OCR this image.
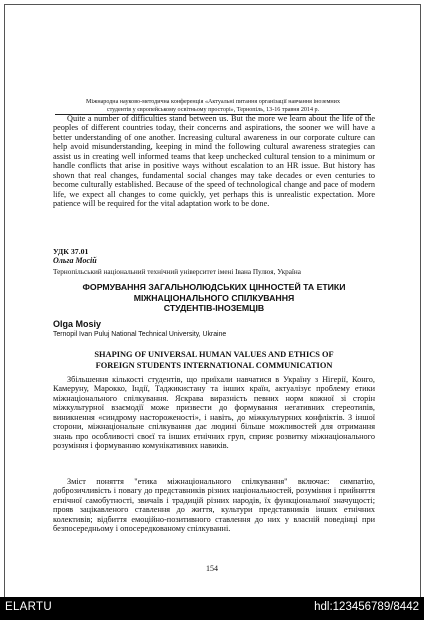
Міжнародна науково-методична конференція «Актуальні питання організації навчання іноземних
студентів у європейському освітньому просторі», Тернопіль, 13-16 травня 2014 р.

Quite a number of difficulties stand between us. But the more we learn about the life of the peoples of different countries today, their concerns and aspirations, the sooner we will have a better understanding of one another. Increasing cultural awareness in our corporate culture can help avoid misunderstanding, keeping in mind the following cultural awareness strategies can assist us in creating well informed teams that keep unchecked cultural tension to a minimum or handle conflicts that arise in positive ways without escalation to an HR issue. But history has shown that real changes, fundamental social changes may take decades or even centuries to become culturally established. Because of the speed of technological change and pace of modern life, we expect all changes to come quickly, yet perhaps this is unrealistic expectation. More patience will be required for the vital adaptation work to be done.

УДК 37.01
Ольга Мосій
Тернопільський національний технічний університет імені Івана Пулюя, Україна
ФОРМУВАННЯ ЗАГАЛЬНОЛЮДСЬКИХ ЦІННОСТЕЙ ТА ЕТИКИ
МІЖНАЦІОНАЛЬНОГО СПІЛКУВАННЯ
СТУДЕНТІВ-ІНОЗЕМЦІВ
Olga Mosiy
Ternopil Ivan Puluj National Technical University, Ukraine
SHAPING OF UNIVERSAL HUMAN VALUES AND ETHICS OF
FOREIGN STUDENTS INTERNATIONAL COMMUNICATION

Збільшення кількості студентів, що приїхали навчатися в Україну з Нігерії, Конго, Камеруну, Марокко, Індії, Таджикистану та інших країн, актуалізує проблему етики міжнаціонального спілкування. Яскрава виразність певних норм кожної зі сторін міжкультурної взаємодії може призвести до формування негативних стереотипів, виникнення «синдрому настороженості», і навіть, до міжкультурних конфліктів. З іншої сторони, міжнаціональне спілкування дає людині більше можливостей для отримання знань про особливості своєї та інших етнічних груп, сприяє розвитку міжнаціонального розуміння і формуванню комунікативних навиків.

Зміст поняття "етика міжнаціонального спілкування" включає: симпатію, доброзичливість і повагу до представників різних національностей, розуміння і прийняття етнічної самобутності, звичаїв і традицій різних народів, їх функціональної значущості; прояв зацікавленого ставлення до життя, культури представників інших етнічних колективів; відбиття емоційно-позитивного ставлення до них у власній поведінці при безпосередньому і опосередкованому спілкуванні.

154
ELARTU	hdl:123456789/8442
